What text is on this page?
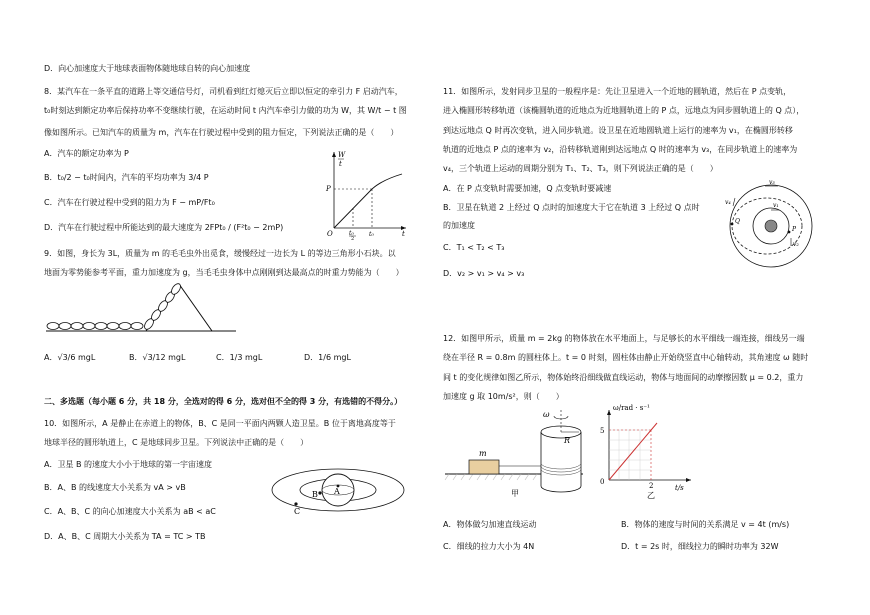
D．向心加速度大于地球表面物体随地球自转的向心加速度
8．某汽车在一条平直的道路上等交通信号灯，司机看到红灯熄灭后立即以恒定的牵引力 F 启动汽车，
t₀时刻达到额定功率后保持功率不变继续行驶，在运动时间 t 内汽车牵引力做的功为 W，其 W/t − t 图
像如图所示。已知汽车的质量为 m，汽车在行驶过程中受到的阻力恒定，下列说法正确的是（　　）
A．汽车的额定功率为 P
B．t₀/2 − t₀时间内，汽车的平均功率为 3/4 P
C．汽车在行驶过程中受到的阻力为 F − mP/Ft₀
D．汽车在行驶过程中所能达到的最大速度为 2FPt₀ / (F²t₀ − 2mP)
W
t
P
O	t₀
2
t₀	t
9．如图，身长为 3L，质量为 m 的毛毛虫外出觅食，缓慢经过一边长为 L 的等边三角形小石块。以
地面为零势能参考平面，重力加速度为 g，当毛毛虫身体中点刚刚到达最高点的时重力势能为（　　）
A．√3/6 mgL	B．√3/12 mgL	C．1/3 mgL	D．1/6 mgL
二、多选题（每小题 6 分，共 18 分，全选对的得 6 分，选对但不全的得 3 分，有选错的不得分。）
10．如图所示，A 是静止在赤道上的物体，B、C 是同一平面内两颗人造卫星。B 位于离地高度等于
地球半径的圆形轨道上，C 是地球同步卫星。下列说法中正确的是（　　）
A．卫星 B 的速度大小小于地球的第一宇宙速度
B．A、B 的线速度大小关系为 vA > vB
C．A、B、C 的向心加速度大小关系为 aB < aC
D．A、B、C 周期大小关系为 TA = TC > TB
A
B
C
11．如图所示，发射同步卫星的一般程序是：先让卫星进入一个近地的圆轨道，然后在 P 点变轨，
进入椭圆形转移轨道（该椭圆轨道的近地点为近地圆轨道上的 P 点，远地点为同步圆轨道上的 Q 点），
到达远地点 Q 时再次变轨，进入同步轨道。设卫星在近地圆轨道上运行的速率为 v₁，在椭圆形转移
轨道的近地点 P 点的速率为 v₂，沿转移轨道刚到达远地点 Q 时的速率为 v₃，在同步轨道上的速率为
v₄，三个轨道上运动的周期分别为 T₁、T₂、T₃，则下列说法正确的是（　　）
A．在 P 点变轨时需要加速，Q 点变轨时要减速
B．卫星在轨道 2 上经过 Q 点时的加速度大于它在轨道 3 上经过 Q 点时
的加速度
C．T₁ < T₂ < T₃
D．v₂ > v₁ > v₄ > v₃
v₃
v₄	v₁
v₂
Q
P
12．如图甲所示，质量 m = 2kg 的物体放在水平地面上，与足够长的水平细线一端连接，细线另一端
绕在半径 R = 0.8m 的圆柱体上。t = 0 时刻，圆柱体由静止开始绕竖直中心轴转动，其角速度 ω 随时
间 t 的变化规律如图乙所示，物体始终沿细线做直线运动，物体与地面间的动摩擦因数 μ = 0.2，重力
加速度 g 取 10m/s²，则（　　）
ω
R
m
甲
ω/rad · s⁻¹
5
0	2	t/s
乙
A．物体做匀加速直线运动	B．物体的速度与时间的关系满足 v = 4t (m/s)
C．细线的拉力大小为 4N	D．t = 2s 时，细线拉力的瞬时功率为 32W
